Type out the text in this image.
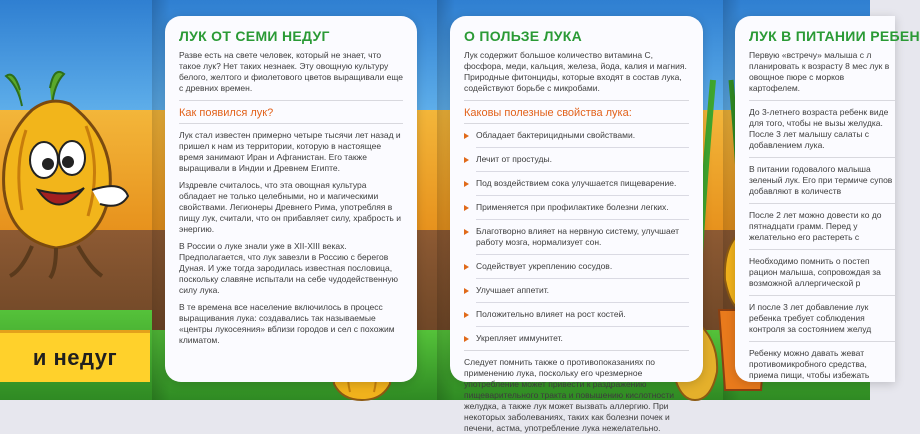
и недуг
ЛУК ОТ СЕМИ НЕДУГ
Разве есть на свете человек, который не знает, что такое лук? Нет таких незнаек. Эту овощную культуру белого, желтого и фиолетового цветов выращивали еще с древних времен.
Как появился лук?
Лук стал известен примерно четыре тысячи лет назад и пришел к нам из территории, которую в настоящее время занимают Иран и Афганистан. Его также выращивали в Индии и Древнем Египте.
Издревле считалось, что эта овощная культура обладает не только целебными, но и магическими свойствами. Легионеры Древнего Рима, употребляя в пищу лук, считали, что он прибавляет силу, храбрость и энергию.
В России о луке знали уже в XII-XIII веках. Предполагается, что лук завезли в Россию с берегов Дуная. И уже тогда зародилась известная пословица, поскольку славяне испытали на себе чудодейственную силу лука.
В те времена все население включилось в процесс выращивания лука: создавались так называемые «центры лукосеяния» вблизи городов и сел с похожим климатом.
О ПОЛЬЗЕ ЛУКА
Лук содержит большое количество витамина С, фосфора, меди, кальция, железа, йода, калия и магния. Природные фитонциды, которые входят в состав лука, содействуют борьбе с микробами.
Каковы полезные свойства лука:
Обладает бактерицидными свойствами.
Лечит от простуды.
Под воздействием сока улучшается пищеварение.
Применяется при профилактике болезни легких.
Благотворно влияет на нервную систему, улучшает работу мозга, нормализует сон.
Содействует укреплению сосудов.
Улучшает аппетит.
Положительно влияет на рост костей.
Укрепляет иммунитет.
Следует помнить также о противопоказаниях по применению лука, поскольку его чрезмерное употребление может привести к раздражению пищеварительного тракта и повышению кислотности желудка, а также лук может вызвать аллергию. При некоторых заболеваниях, таких как болезни почек и печени, астма, употребление лука нежелательно.
ЛУК В ПИТАНИИ РЕБЕН
Первую «встречу» малыша с л планировать к возрасту 8 мес лук в овощное пюре с морков картофелем.
До 3-летнего возраста ребенк виде для того, чтобы не вызы желудка. После 3 лет малышу салаты с добавлением лука.
В питании годовалого малыша зеленый лук. Его при термиче супов добавляют в количеств
После 2 лет можно довести ко до пятнадцати грамм. Перед у желательно его растереть с
Необходимо помнить о постеп рацион малыша, сопровождая за возможной аллергической р
И после 3 лет добавление лук ребенка требует соблюдения контроля за состоянием желуд
Ребенку можно давать жеват противомикробного средства, приема пищи, чтобы избежать
